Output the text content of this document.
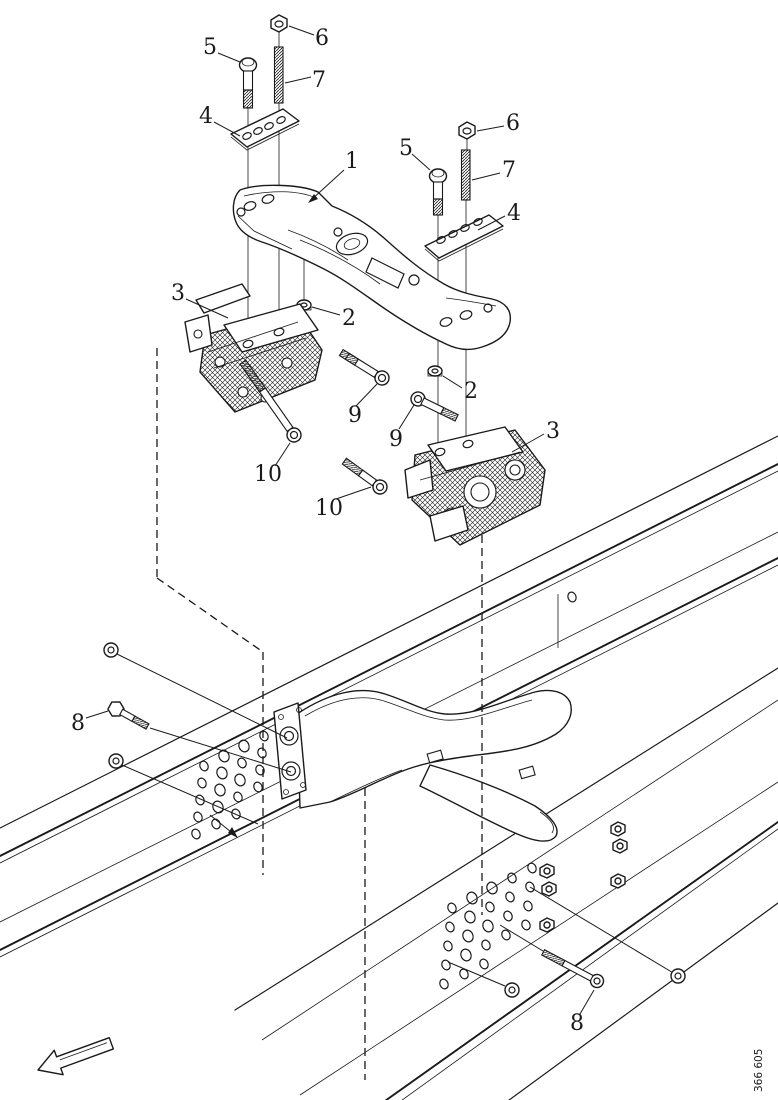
1
2
2
3
3
4
4
5
5
6
6
7
7
8
8
9
9
10
10
366 605
